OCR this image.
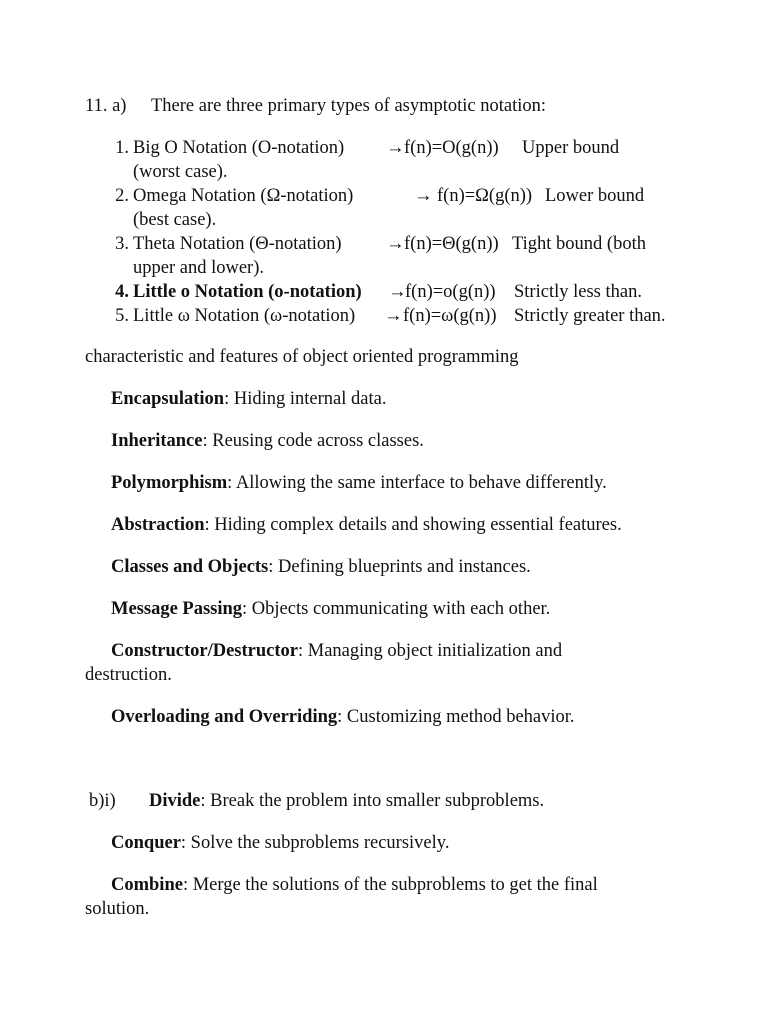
11. a) There are three primary types of asymptotic notation:
1. Big O Notation (O-notation) → f(n)=O(g(n)) Upper bound
(worst case).
2. Omega Notation (Ω-notation)	→ f(n)=Ω(g(n)) Lower bound
(best case).
3. Theta Notation (Θ-notation) → f(n)=Θ(g(n)) Tight bound (both
upper and lower).
4. Little o Notation (o-notation) →
f(n)=o(g(n)) Strictly less than.
5. Little ω Notation (ω-notation) → f(n)=ω(g(n)) Strictly greater than.
characteristic and features of object oriented programming
Encapsulation: Hiding internal data.
Inheritance: Reusing code across classes.
Polymorphism: Allowing the same interface to behave differently.
Abstraction: Hiding complex details and showing essential features.
Classes and Objects: Defining blueprints and instances.
Message Passing: Objects communicating with each other.
Constructor/Destructor: Managing object initialization and
destruction.
Overloading and Overriding: Customizing method behavior.
b)i) Divide: Break the problem into smaller subproblems.
Conquer: Solve the subproblems recursively.
Combine: Merge the solutions of the subproblems to get the final
solution.
